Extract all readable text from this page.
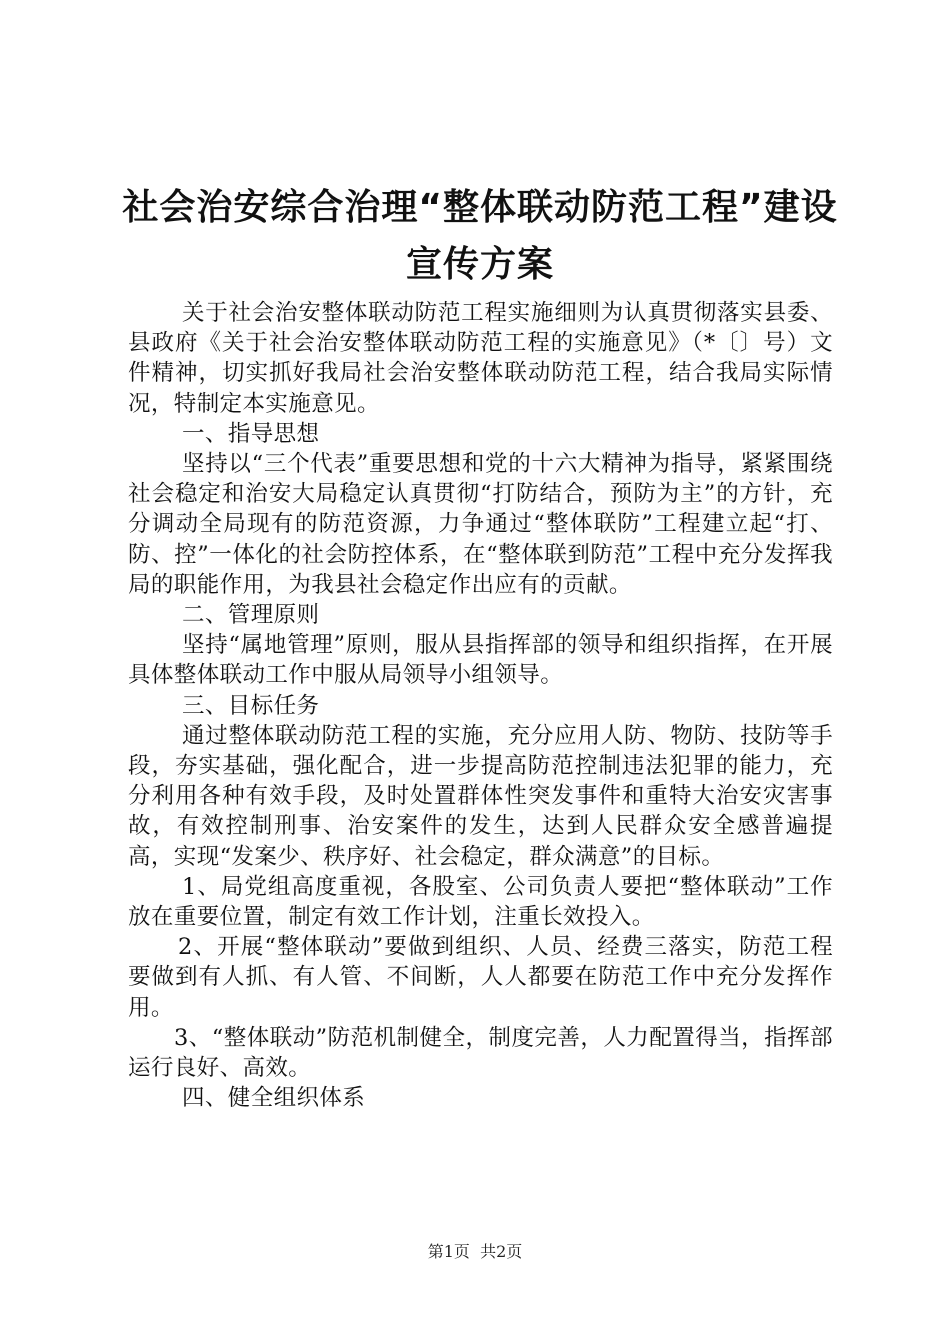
社会治安综合治理“整体联动防范工程”建设
宣传方案

关于社会治安整体联动防范工程实施细则为认真贯彻落实县委、县政府《关于社会治安整体联动防范工程的实施意见》（*〔〕号）文件精神，切实抓好我局社会治安整体联动防范工程，结合我局实际情况，特制定本实施意见。

一、指导思想

坚持以“三个代表”重要思想和党的十六大精神为指导，紧紧围绕社会稳定和治安大局稳定认真贯彻“打防结合，预防为主”的方针，充分调动全局现有的防范资源，力争通过“整体联防”工程建立起“打、防、控”一体化的社会防控体系，在“整体联到防范”工程中充分发挥我局的职能作用，为我县社会稳定作出应有的贡献。

二、管理原则

坚持“属地管理”原则，服从县指挥部的领导和组织指挥，在开展具体整体联动工作中服从局领导小组领导。

三、目标任务

通过整体联动防范工程的实施，充分应用人防、物防、技防等手段，夯实基础，强化配合，进一步提高防范控制违法犯罪的能力，充分利用各种有效手段，及时处置群体性突发事件和重特大治安灾害事故，有效控制刑事、治安案件的发生，达到人民群众安全感普遍提高，实现“发案少、秩序好、社会稳定，群众满意”的目标。

1、局党组高度重视，各股室、公司负责人要把“整体联动”工作放在重要位置，制定有效工作计划，注重长效投入。

2、开展“整体联动”要做到组织、人员、经费三落实，防范工程要做到有人抓、有人管、不间断，人人都要在防范工作中充分发挥作用。

3、“整体联动”防范机制健全，制度完善，人力配置得当，指挥部运行良好、高效。

四、健全组织体系

第1页 共2页
